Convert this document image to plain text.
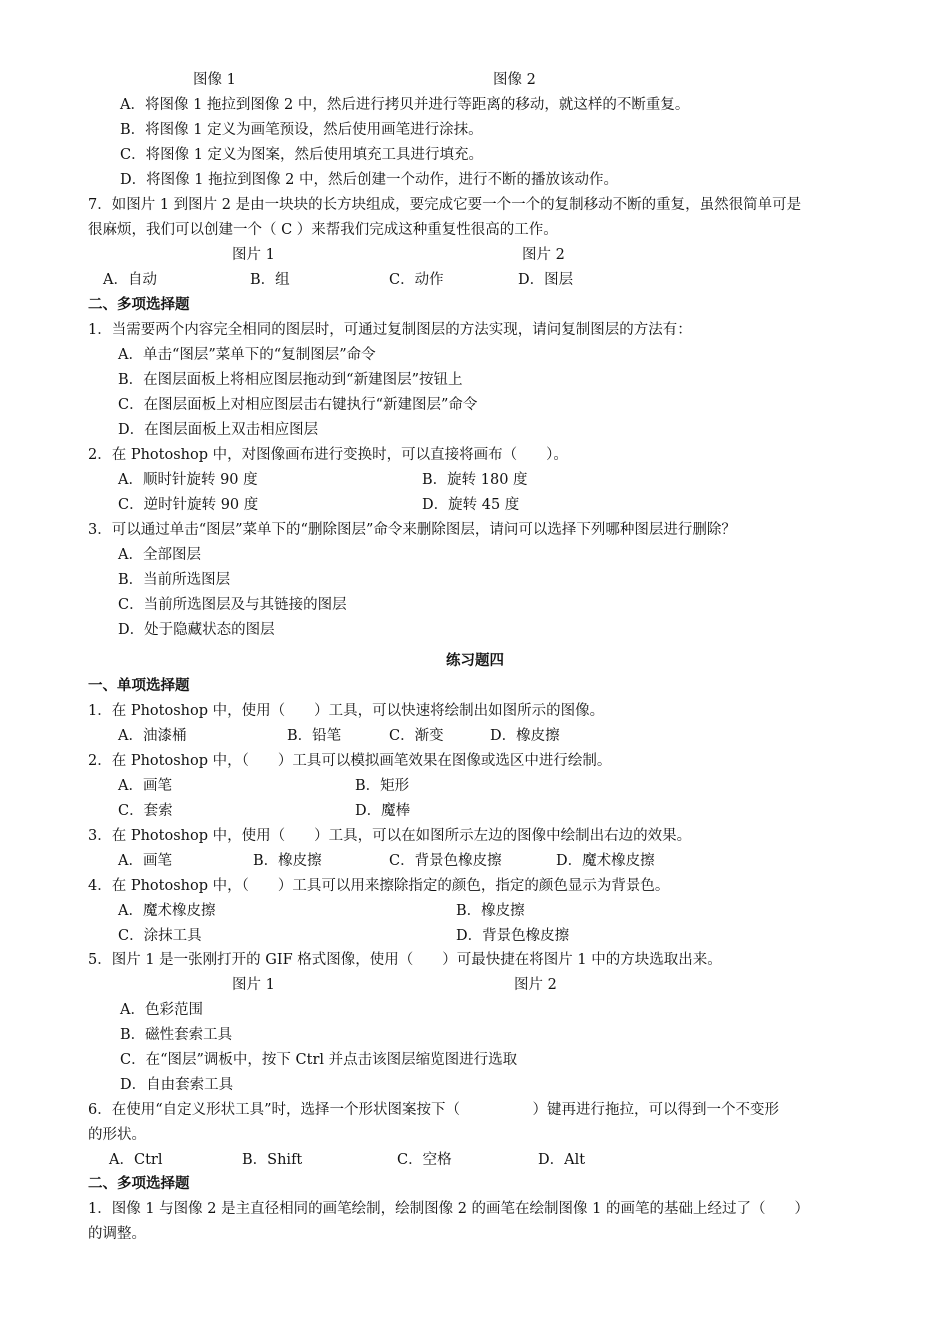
图像 1	图像 2
A．将图像 1 拖拉到图像 2 中，然后进行拷贝并进行等距离的移动，就这样的不断重复。
B．将图像 1 定义为画笔预设，然后使用画笔进行涂抹。
C．将图像 1 定义为图案，然后使用填充工具进行填充。
D．将图像 1 拖拉到图像 2 中，然后创建一个动作，进行不断的播放该动作。
7．如图片 1 到图片 2 是由一块块的长方块组成，要完成它要一个一个的复制移动不断的重复，虽然很简单可是
很麻烦，我们可以创建一个（ C ）来帮我们完成这种重复性很高的工作。
图片 1	图片 2
A．自动	B．组	C．动作	D．图层
二、多项选择题
1．当需要两个内容完全相同的图层时，可通过复制图层的方法实现，请问复制图层的方法有：
A．单击“图层”菜单下的“复制图层”命令
B．在图层面板上将相应图层拖动到“新建图层”按钮上
C．在图层面板上对相应图层击右键执行“新建图层”命令
D．在图层面板上双击相应图层
2．在 Photoshop 中，对图像画布进行变换时，可以直接将画布（　　）。
A．顺时针旋转 90 度	B．旋转 180 度
C．逆时针旋转 90 度	D．旋转 45 度
3．可以通过单击“图层”菜单下的“删除图层”命令来删除图层，请问可以选择下列哪种图层进行删除？
A．全部图层
B．当前所选图层
C．当前所选图层及与其链接的图层
D．处于隐藏状态的图层
练习题四
一、单项选择题
1．在 Photoshop 中，使用（　　）工具，可以快速将绘制出如图所示的图像。
A．油漆桶	B．铅笔	C．渐变	D．橡皮擦
2．在 Photoshop 中，（　　）工具可以模拟画笔效果在图像或选区中进行绘制。
A．画笔	B．矩形
C．套索	D．魔棒
3．在 Photoshop 中，使用（　　）工具，可以在如图所示左边的图像中绘制出右边的效果。
A．画笔	B．橡皮擦	C．背景色橡皮擦	D．魔术橡皮擦
4．在 Photoshop 中，（　　）工具可以用来擦除指定的颜色，指定的颜色显示为背景色。
A．魔术橡皮擦	B．橡皮擦
C．涂抹工具	D．背景色橡皮擦
5．图片 1 是一张刚打开的 GIF 格式图像，使用（　　）可最快捷在将图片 1 中的方块选取出来。
图片 1	图片 2
A．色彩范围
B．磁性套索工具
C．在“图层”调板中，按下 Ctrl 并点击该图层缩览图进行选取
D．自由套索工具
6．在使用“自定义形状工具”时，选择一个形状图案按下（　　　　　）键再进行拖拉，可以得到一个不变形
的形状。
A．Ctrl	B．Shift	C．空格	D．Alt
二、多项选择题
1．图像 1 与图像 2 是主直径相同的画笔绘制，绘制图像 2 的画笔在绘制图像 1 的画笔的基础上经过了（　　）
的调整。
